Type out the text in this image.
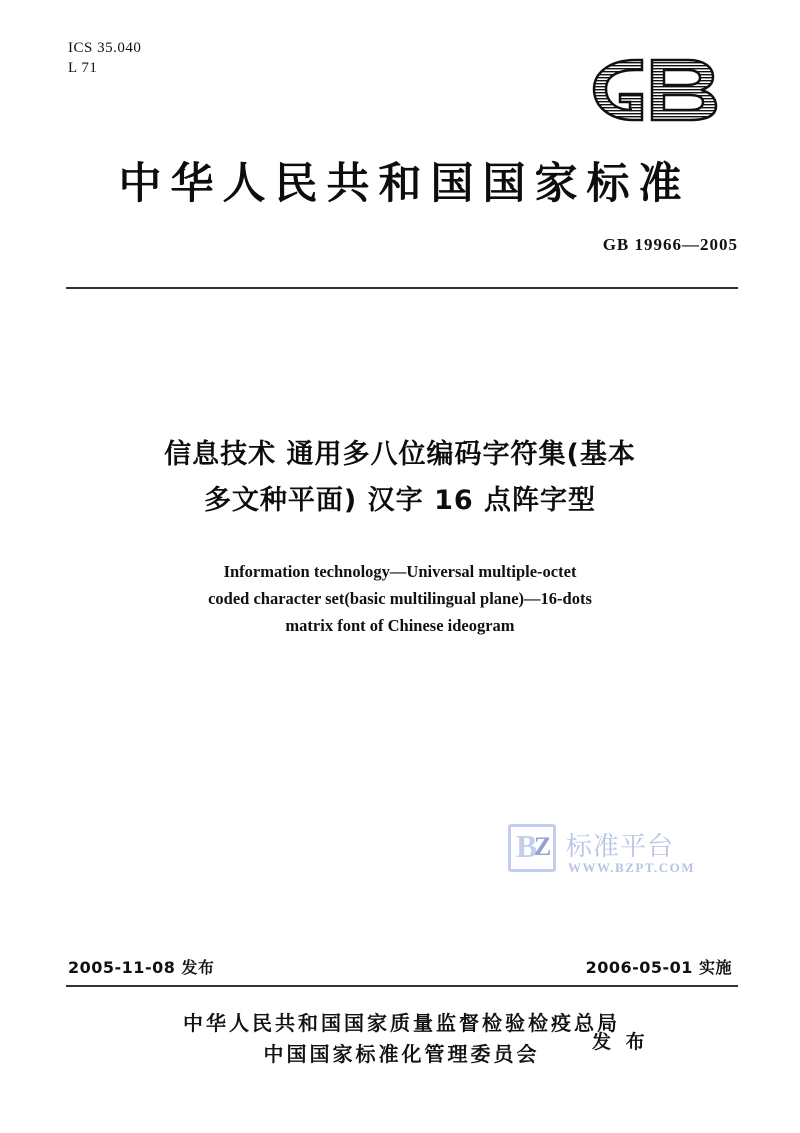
ICS 35.040
L 71
中华人民共和国国家标准
GB 19966—2005
信息技术 通用多八位编码字符集(基本
多文种平面) 汉字 16 点阵字型
Information technology—Universal multiple-octet
coded character set(basic multilingual plane)—16-dots
matrix font of Chinese ideogram
B
Z 标准平台
WWW.BZPT.COM
2005-11-08 发布	2006-05-01 实施
中华人民共和国国家质量监督检验检疫总局
中国国家标准化管理委员会	发 布
